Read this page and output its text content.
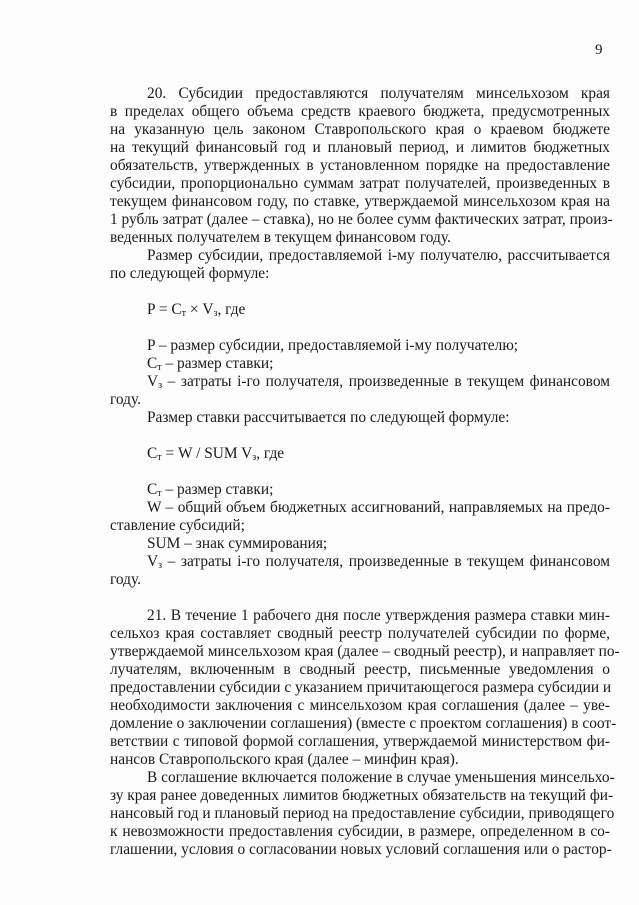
9
20. Субсидии предоставляются получателям минсельхозом края
в пределах общего объема средств краевого бюджета, предусмотренных
на указанную цель законом Ставропольского края о краевом бюджете
на текущий финансовый год и плановый период, и лимитов бюджетных
обязательств, утвержденных в установленном порядке на предоставление
субсидии, пропорционально суммам затрат получателей, произведенных в
текущем финансовом году, по ставке, утверждаемой минсельхозом края на
1 рубль затрат (далее – ставка), но не более сумм фактических затрат, произ-
веденных получателем в текущем финансовом году.
Размер субсидии, предоставляемой i-му получателю, рассчитывается
по следующей формуле:
$P = С_т \times V_з$, где
P – размер субсидии, предоставляемой i-му получателю;
$С_т$ – размер ставки;
$V_з$ – затраты i-го получателя, произведенные в текущем финансовом
году.
Размер ставки рассчитывается по следующей формуле:
$С_т = W$ / SUM $V_з$, где
$С_т$ – размер ставки;
W – общий объем бюджетных ассигнований, направляемых на предо-
ставление субсидий;
SUM – знак суммирования;
$V_з$ – затраты i-го получателя, произведенные в текущем финансовом
году.
21. В течение 1 рабочего дня после утверждения размера ставки мин-
сельхоз края составляет сводный реестр получателей субсидии по форме,
утверждаемой минсельхозом края (далее – сводный реестр), и направляет по-
лучателям, включенным в сводный реестр, письменные уведомления о
предоставлении субсидии с указанием причитающегося размера субсидии и
необходимости заключения с минсельхозом края соглашения (далее – уве-
домление о заключении соглашения) (вместе с проектом соглашения) в соот-
ветствии с типовой формой соглашения, утверждаемой министерством фи-
нансов Ставропольского края (далее – минфин края).
В соглашение включается положение в случае уменьшения минсельхо-
зу края ранее доведенных лимитов бюджетных обязательств на текущий фи-
нансовый год и плановый период на предоставление субсидии, приводящего
к невозможности предоставления субсидии, в размере, определенном в со-
глашении, условия о согласовании новых условий соглашения или о растор-
